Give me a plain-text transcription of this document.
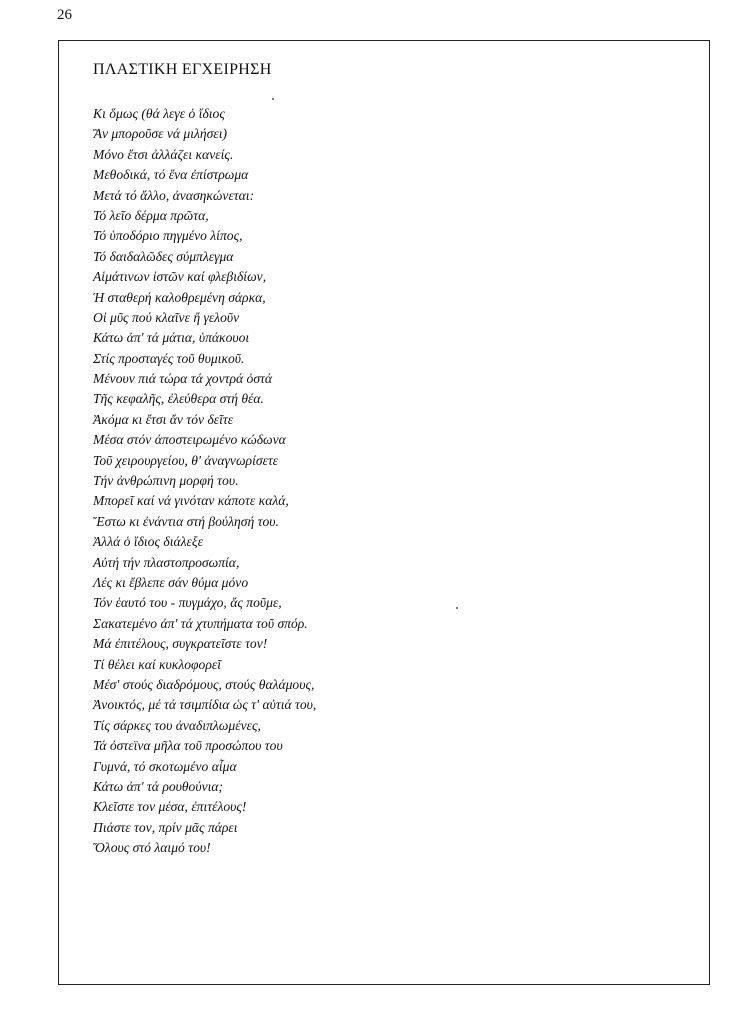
26
ΠΛΑΣΤΙΚΗ ΕΓΧΕΙΡΗΣΗ
Κι ὅμως (θά λεγε ὁ ἴδιος
Ἂν μποροῦσε νά μιλήσει)
Μόνο ἔτσι ἀλλάζει κανείς.
Μεθοδικά, τό ἕνα ἐπίστρωμα
Μετά τό ἄλλο, ἀνασηκώνεται:
Τό λεῖο δέρμα πρῶτα,
Τό ὑποδόριο πηγμένο λίπος,
Τό δαιδαλῶδες σύμπλεγμα
Αἱμάτινων ἱστῶν καί φλεβιδίων,
Ἡ σταθερή καλοθρεμένη σάρκα,
Οἱ μῦς πού κλαῖνε ἤ γελοῦν
Κάτω ἀπ' τά μάτια, ὑπάκουοι
Στίς προσταγές τοῦ θυμικοῦ.
Μένουν πιά τώρα τά χοντρά ὀστά
Τῆς κεφαλῆς, ἐλεύθερα στή θέα.
Ἀκόμα κι ἔτσι ἄν τόν δεῖτε
Μέσα στόν ἀποστειρωμένο κώδωνα
Τοῦ χειρουργείου, θ' ἀναγνωρίσετε
Τήν ἀνθρώπινη μορφή του.
Μπορεῖ καί νά γινόταν κάποτε καλά,
Ἔστω κι ἐνάντια στή βούλησή του.
Ἀλλά ὁ ἴδιος διάλεξε
Αὐτή τήν πλαστοπροσωπία,
Λές κι ἔβλεπε σάν θύμα μόνο
Τόν ἑαυτό του - πυγμάχο, ἄς ποῦμε,
Σακατεμένο ἀπ' τά χτυπήματα τοῦ σπόρ.
Μά ἐπιτέλους, συγκρατεῖστε τον!
Τί θέλει καί κυκλοφορεῖ
Μέσ' στούς διαδρόμους, στούς θαλάμους,
Ἀνοικτός, μέ τά τσιμπίδια ὡς τ' αὐτιά του,
Τίς σάρκες του ἀναδιπλωμένες,
Τά ὀστεϊνα μῆλα τοῦ προσώπου του
Γυμνά, τό σκοτωμένο αἷμα
Κάτω ἀπ' τά ρουθούνια;
Κλεῖστε τον μέσα, ἐπιτέλους!
Πιάστε τον, πρίν μᾶς πάρει
Ὅλους στό λαιμό του!
